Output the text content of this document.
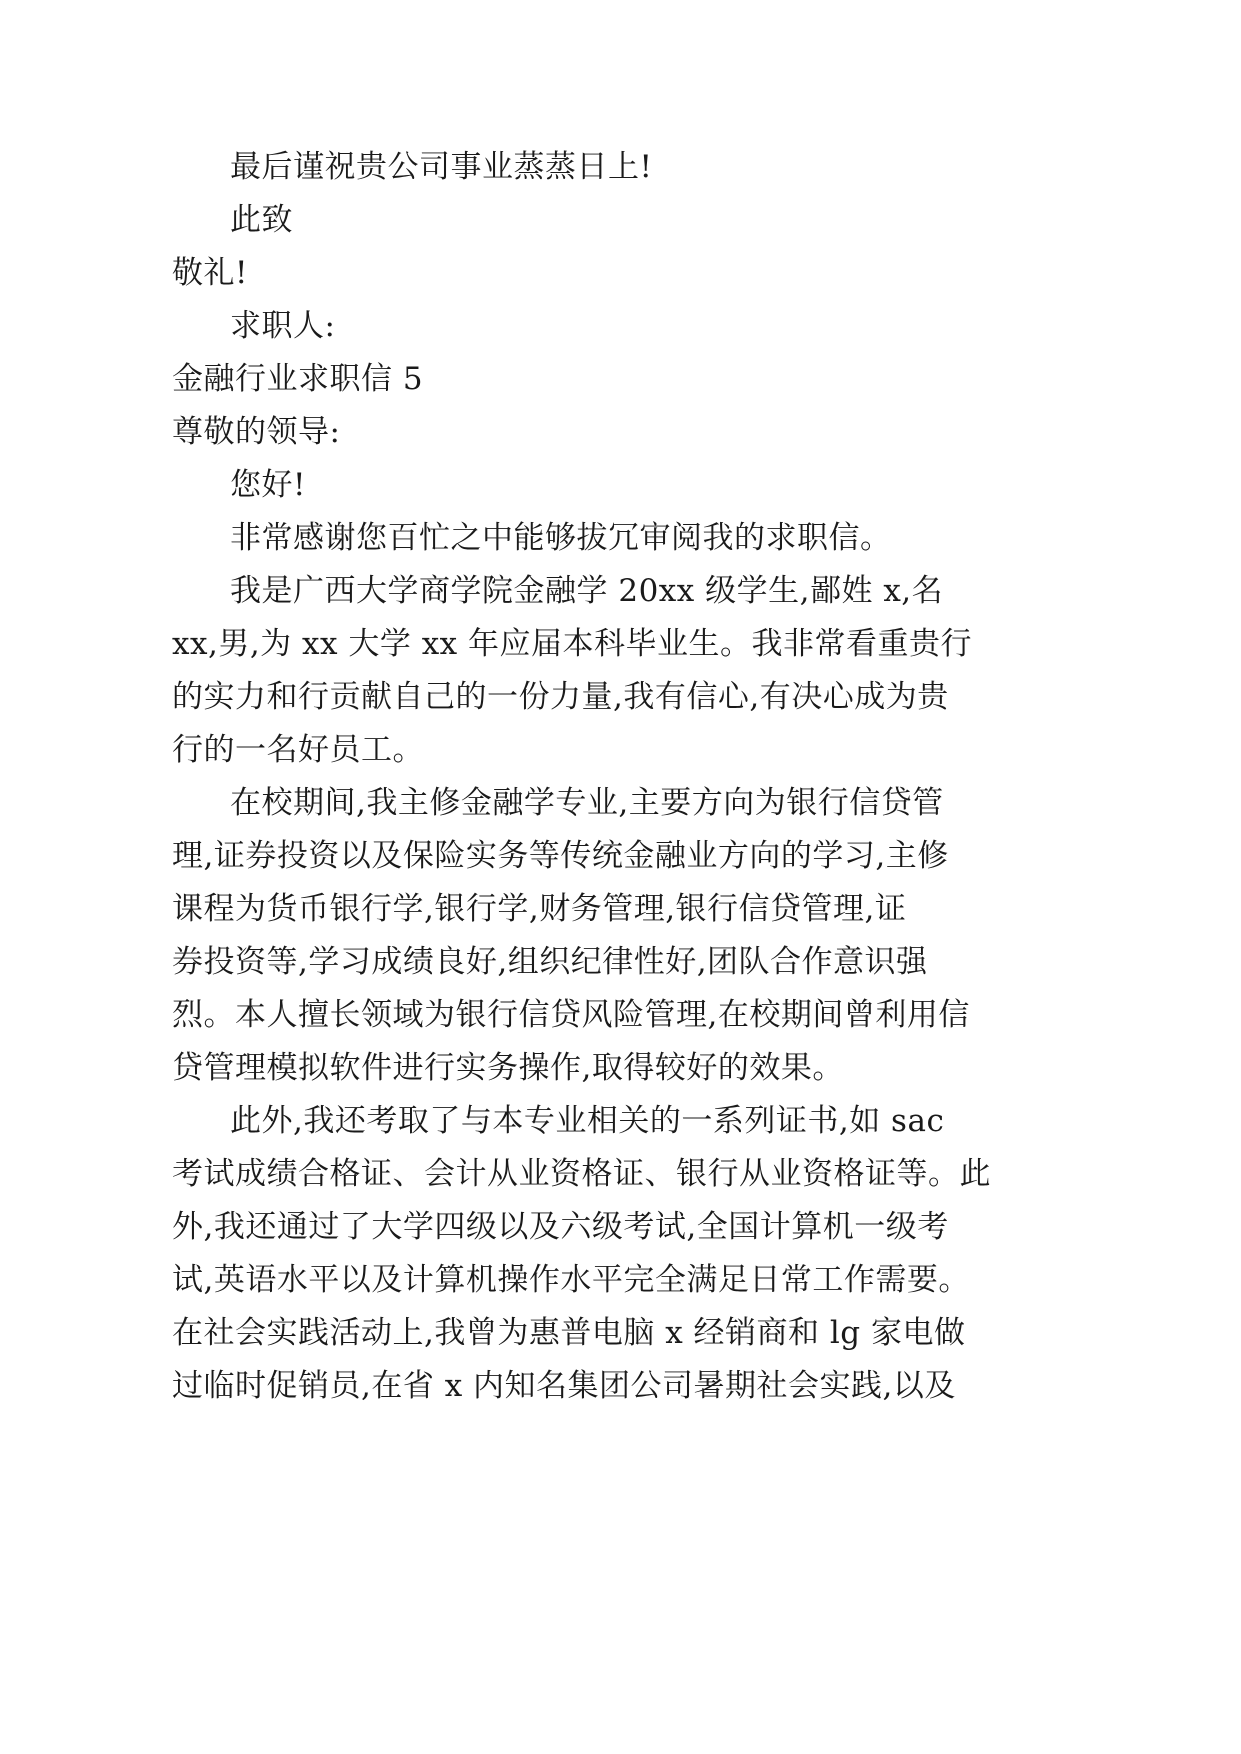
最后谨祝贵公司事业蒸蒸日上!
此致
敬礼!
求职人:
金融行业求职信 5
尊敬的领导:
您好!
非常感谢您百忙之中能够拔冗审阅我的求职信。
我是广西大学商学院金融学 20xx 级学生,鄙姓 x,名
xx,男,为 xx 大学 xx 年应届本科毕业生。我非常看重贵行
的实力和行贡献自己的一份力量,我有信心,有决心成为贵
行的一名好员工。
在校期间,我主修金融学专业,主要方向为银行信贷管
理,证券投资以及保险实务等传统金融业方向的学习,主修
课程为货币银行学,银行学,财务管理,银行信贷管理,证
券投资等,学习成绩良好,组织纪律性好,团队合作意识强
烈。本人擅长领域为银行信贷风险管理,在校期间曾利用信
贷管理模拟软件进行实务操作,取得较好的效果。
此外,我还考取了与本专业相关的一系列证书,如 sac
考试成绩合格证、会计从业资格证、银行从业资格证等。此
外,我还通过了大学四级以及六级考试,全国计算机一级考
试,英语水平以及计算机操作水平完全满足日常工作需要。
在社会实践活动上,我曾为惠普电脑 x 经销商和 lg 家电做
过临时促销员,在省 x 内知名集团公司暑期社会实践,以及
